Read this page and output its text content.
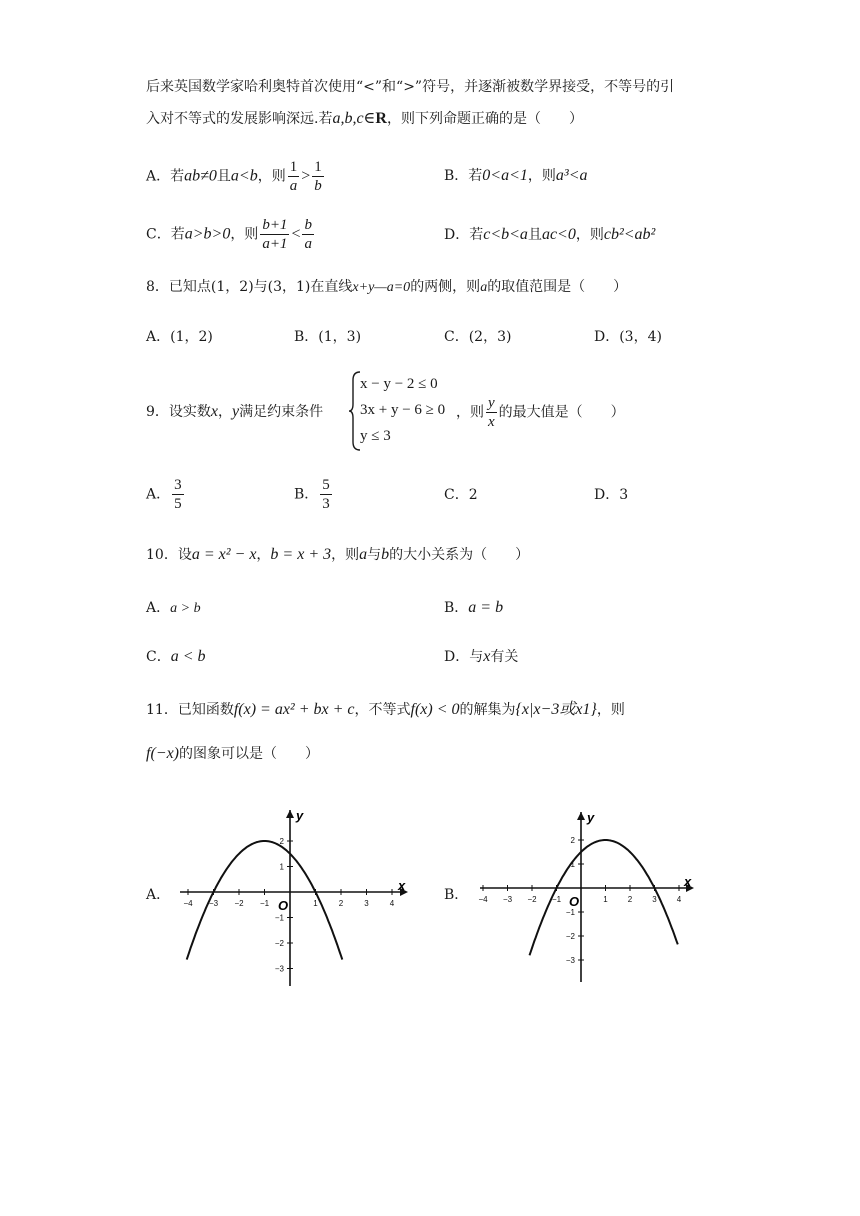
后来英国数学家哈利奥特首次使用“<”和“>”符号，并逐渐被数学界接受，不等号的引
入对不等式的发展影响深远.若a,b,c∈R，则下列命题正确的是（　　）
A．若ab≠0且a<b，则 $\frac{1}{a} > \frac{1}{b}$	B．若0<a<1，则a³<a
C．若a>b>0，则 $\frac{b+1}{a+1} < \frac{b}{a}$	D．若c<b<a且ac<0，则cb²<ab²
8．已知点(1，2)与(3，1)在直线x+y—a=0的两侧，则a的取值范围是（　　）
A．(1，2)	B．(1，3)	C．(2，3)	D．(3，4)
9．设实数x，y满足约束条件
x − y − 2 ≤ 0
3x + y − 6 ≥ 0
y ≤ 3
，则 $\frac{y}{x}$ 的最大值是（　　）
A． $\frac{3}{5}$	B． $\frac{5}{3}$	C．2	D．3
10．设a = x² − x，b = x + 3，则a与b的大小关系为（　　）
A．a > b	B．a = b
C．a < b	D．与x有关
11．已知函数f(x) = ax² + bx + c，不等式f(x) < 0的解集为{x|x−3或x1}，则
f(−x)的图象可以是（　　）
A．	B．
x
y
O
−4 −3 −2 −1	1	2	3	4
2
1
−1
−2
−3
x
y
O
−4 −3 −2 −1	1	2	3	4
2
1
−1
−2
−3
